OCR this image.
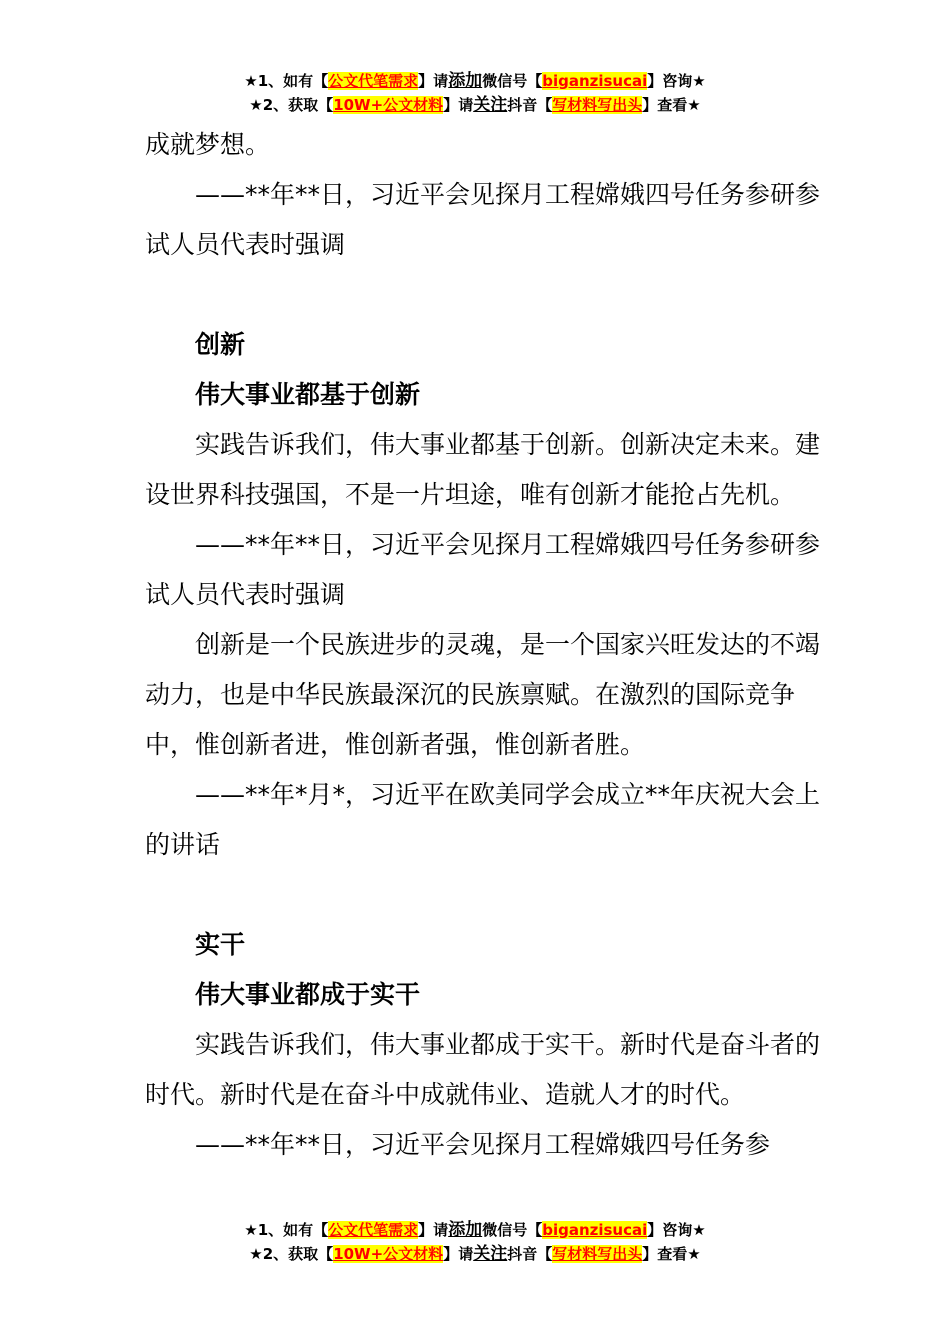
★1、如有【公文代笔需求】请添加微信号【biganzisucai】咨询★
★2、获取【10W+公文材料】请关注抖音【写材料写出头】查看★

成就梦想。

——**年**日，习近平会见探月工程嫦娥四号任务参研参试人员代表时强调

创新

伟大事业都基于创新

实践告诉我们，伟大事业都基于创新。创新决定未来。建设世界科技强国，不是一片坦途，唯有创新才能抢占先机。

——**年**日，习近平会见探月工程嫦娥四号任务参研参试人员代表时强调

创新是一个民族进步的灵魂，是一个国家兴旺发达的不竭动力，也是中华民族最深沉的民族禀赋。在激烈的国际竞争中，惟创新者进，惟创新者强，惟创新者胜。

——**年*月*，习近平在欧美同学会成立**年庆祝大会上的讲话

实干

伟大事业都成于实干

实践告诉我们，伟大事业都成于实干。新时代是奋斗者的时代。新时代是在奋斗中成就伟业、造就人才的时代。

——**年**日，习近平会见探月工程嫦娥四号任务参

★1、如有【公文代笔需求】请添加微信号【biganzisucai】咨询★
★2、获取【10W+公文材料】请关注抖音【写材料写出头】查看★
